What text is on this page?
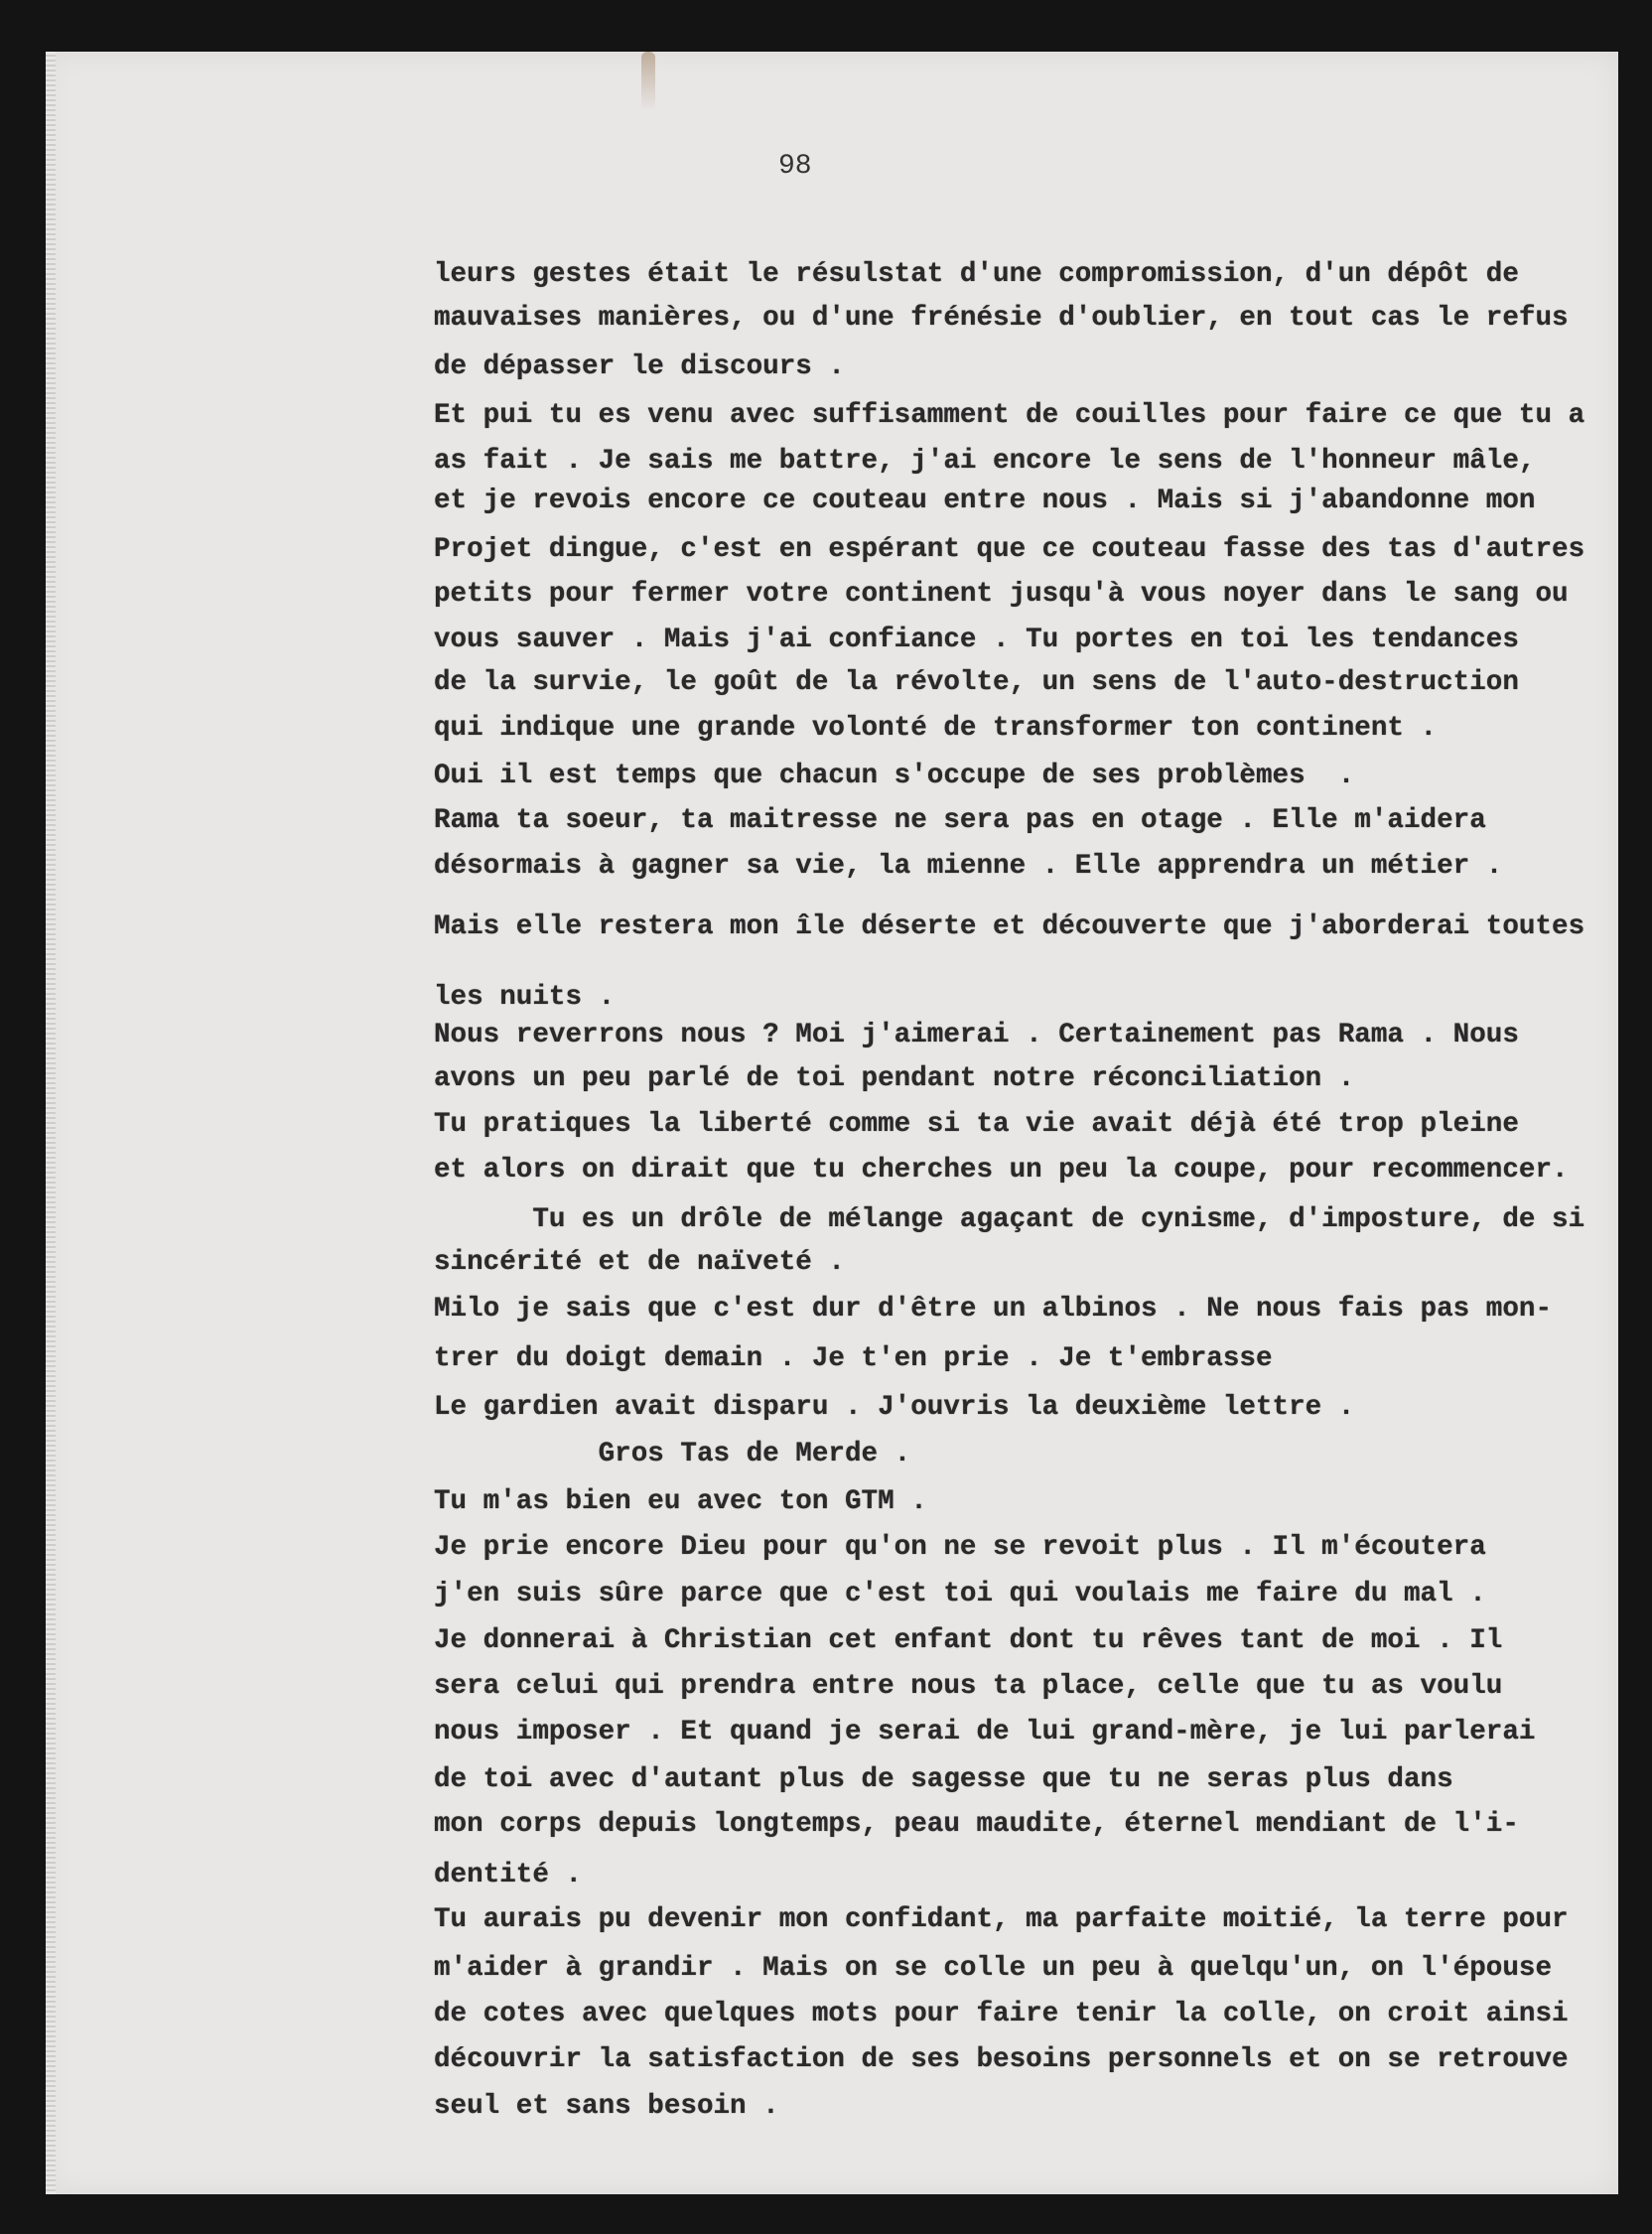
98
leurs gestes était le résulstat d'une compromission, d'un dépôt de
mauvaises manières, ou d'une frénésie d'oublier, en tout cas le refus
de dépasser le discours .
Et pui tu es venu avec suffisamment de couilles pour faire ce que tu a
as fait . Je sais me battre, j'ai encore le sens de l'honneur mâle,
et je revois encore ce couteau entre nous . Mais si j'abandonne mon
Projet dingue, c'est en espérant que ce couteau fasse des tas d'autres
petits pour fermer votre continent jusqu'à vous noyer dans le sang ou
vous sauver . Mais j'ai confiance . Tu portes en toi les tendances
de la survie, le goût de la révolte, un sens de l'auto-destruction
qui indique une grande volonté de transformer ton continent .
Oui il est temps que chacun s'occupe de ses problèmes  .
Rama ta soeur, ta maitresse ne sera pas en otage . Elle m'aidera
désormais à gagner sa vie, la mienne . Elle apprendra un métier .
Mais elle restera mon île déserte et découverte que j'aborderai toutes
les nuits .
Nous reverrons nous ? Moi j'aimerai . Certainement pas Rama . Nous
avons un peu parlé de toi pendant notre réconciliation .
Tu pratiques la liberté comme si ta vie avait déjà été trop pleine
et alors on dirait que tu cherches un peu la coupe, pour recommencer.
Tu es un drôle de mélange agaçant de cynisme, d'imposture, de si
sincérité et de naïveté .
Milo je sais que c'est dur d'être un albinos . Ne nous fais pas mon-
trer du doigt demain . Je t'en prie . Je t'embrasse
Le gardien avait disparu . J'ouvris la deuxième lettre .
Gros Tas de Merde .
Tu m'as bien eu avec ton GTM .
Je prie encore Dieu pour qu'on ne se revoit plus . Il m'écoutera
j'en suis sûre parce que c'est toi qui voulais me faire du mal .
Je donnerai à Christian cet enfant dont tu rêves tant de moi . Il
sera celui qui prendra entre nous ta place, celle que tu as voulu
nous imposer . Et quand je serai de lui grand-mère, je lui parlerai
de toi avec d'autant plus de sagesse que tu ne seras plus dans
mon corps depuis longtemps, peau maudite, éternel mendiant de l'i-
dentité .
Tu aurais pu devenir mon confidant, ma parfaite moitié, la terre pour
m'aider à grandir . Mais on se colle un peu à quelqu'un, on l'épouse
de cotes avec quelques mots pour faire tenir la colle, on croit ainsi
découvrir la satisfaction de ses besoins personnels et on se retrouve
seul et sans besoin .
